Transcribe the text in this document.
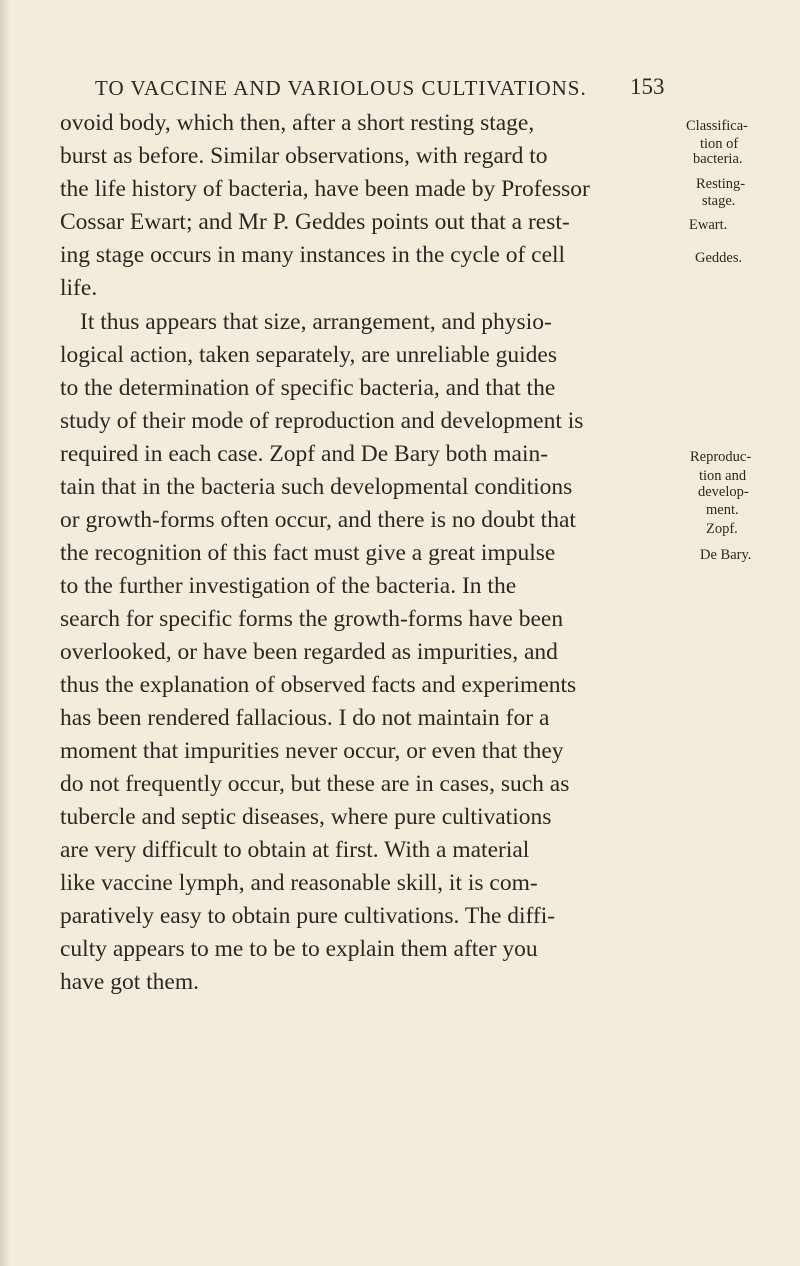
TO VACCINE AND VARIOLOUS CULTIVATIONS.	153
ovoid body, which then, after a short resting stage,
burst as before. Similar observations, with regard to
the life history of bacteria, have been made by Professor
Cossar Ewart; and Mr P. Geddes points out that a rest-
ing stage occurs in many instances in the cycle of cell
life.
It thus appears that size, arrangement, and physio-
logical action, taken separately, are unreliable guides
to the determination of specific bacteria, and that the
study of their mode of reproduction and development is
required in each case. Zopf and De Bary both main-
tain that in the bacteria such developmental conditions
or growth-forms often occur, and there is no doubt that
the recognition of this fact must give a great impulse
to the further investigation of the bacteria. In the
search for specific forms the growth-forms have been
overlooked, or have been regarded as impurities, and
thus the explanation of observed facts and experiments
has been rendered fallacious. I do not maintain for a
moment that impurities never occur, or even that they
do not frequently occur, but these are in cases, such as
tubercle and septic diseases, where pure cultivations
are very difficult to obtain at first. With a material
like vaccine lymph, and reasonable skill, it is com-
paratively easy to obtain pure cultivations. The diffi-
culty appears to me to be to explain them after you
have got them.
Classifica-
tion of
bacteria.
Resting-
stage.
Ewart.
Geddes.
Reproduc-
tion and
develop-
ment.
Zopf.
De Bary.
